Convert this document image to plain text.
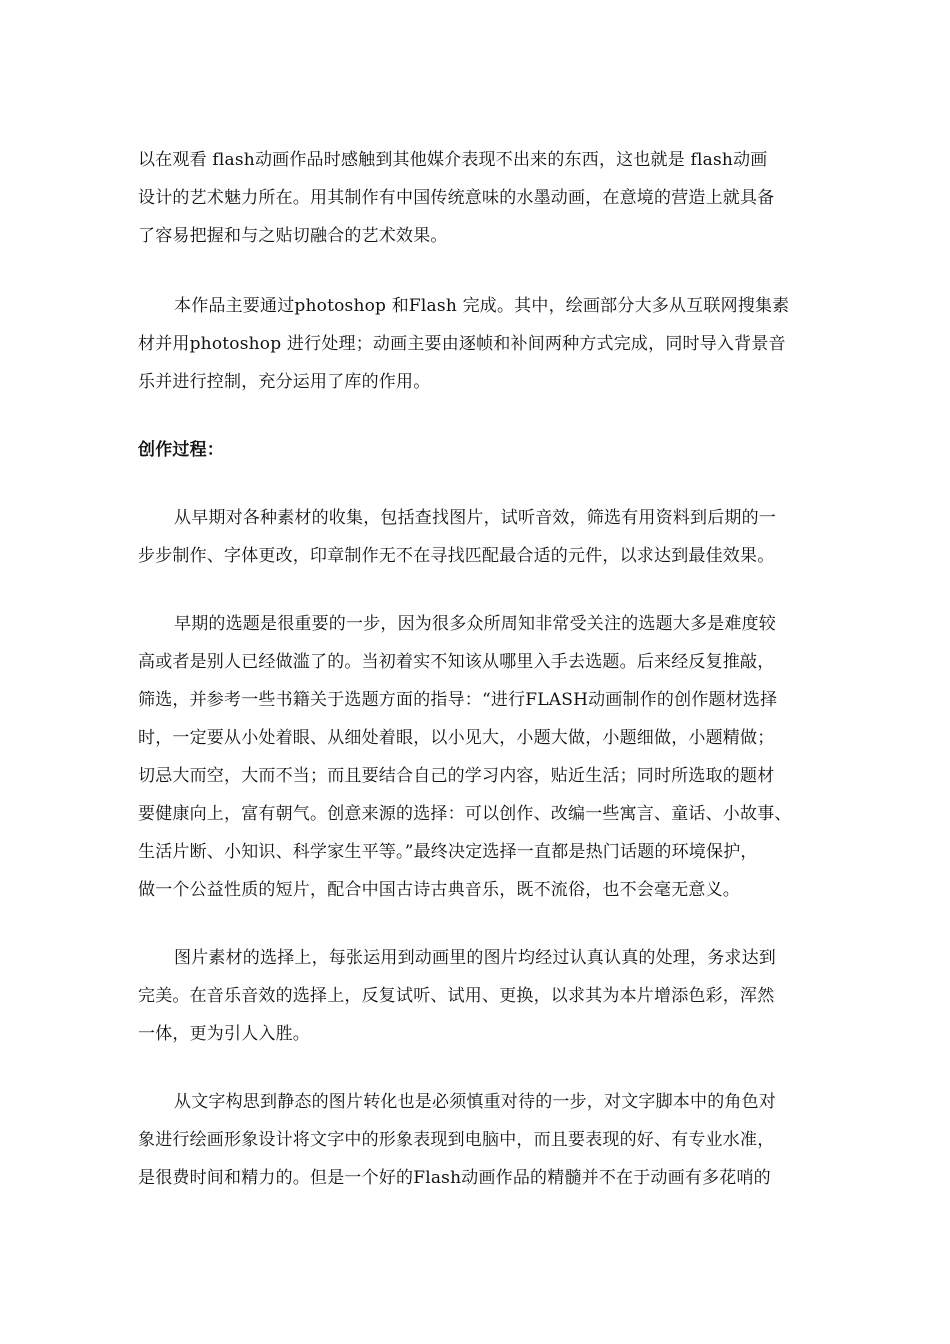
以在观看 flash动画作品时感触到其他媒介表现不出来的东西，这也就是 flash动画
设计的艺术魅力所在。用其制作有中国传统意味的水墨动画，在意境的营造上就具备
了容易把握和与之贴切融合的艺术效果。
本作品主要通过photoshop 和Flash 完成。其中，绘画部分大多从互联网搜集素
材并用photoshop 进行处理；动画主要由逐帧和补间两种方式完成，同时导入背景音
乐并进行控制，充分运用了库的作用。
创作过程：
从早期对各种素材的收集，包括查找图片，试听音效，筛选有用资料到后期的一
步步制作、字体更改，印章制作无不在寻找匹配最合适的元件，以求达到最佳效果。
早期的选题是很重要的一步，因为很多众所周知非常受关注的选题大多是难度较
高或者是别人已经做滥了的。当初着实不知该从哪里入手去选题。后来经反复推敲，
筛选，并参考一些书籍关于选题方面的指导：“进行FLASH动画制作的创作题材选择
时，一定要从小处着眼、从细处着眼，以小见大，小题大做，小题细做，小题精做；
切忌大而空，大而不当；而且要结合自己的学习内容，贴近生活；同时所选取的题材
要健康向上，富有朝气。创意来源的选择：可以创作、改编一些寓言、童话、小故事、
生活片断、小知识、科学家生平等。”最终决定选择一直都是热门话题的环境保护，
做一个公益性质的短片，配合中国古诗古典音乐，既不流俗，也不会毫无意义。
图片素材的选择上，每张运用到动画里的图片均经过认真认真的处理，务求达到
完美。在音乐音效的选择上，反复试听、试用、更换，以求其为本片增添色彩，浑然
一体，更为引人入胜。
从文字构思到静态的图片转化也是必须慎重对待的一步，对文字脚本中的角色对
象进行绘画形象设计将文字中的形象表现到电脑中，而且要表现的好、有专业水准，
是很费时间和精力的。但是一个好的Flash动画作品的精髓并不在于动画有多花哨的
